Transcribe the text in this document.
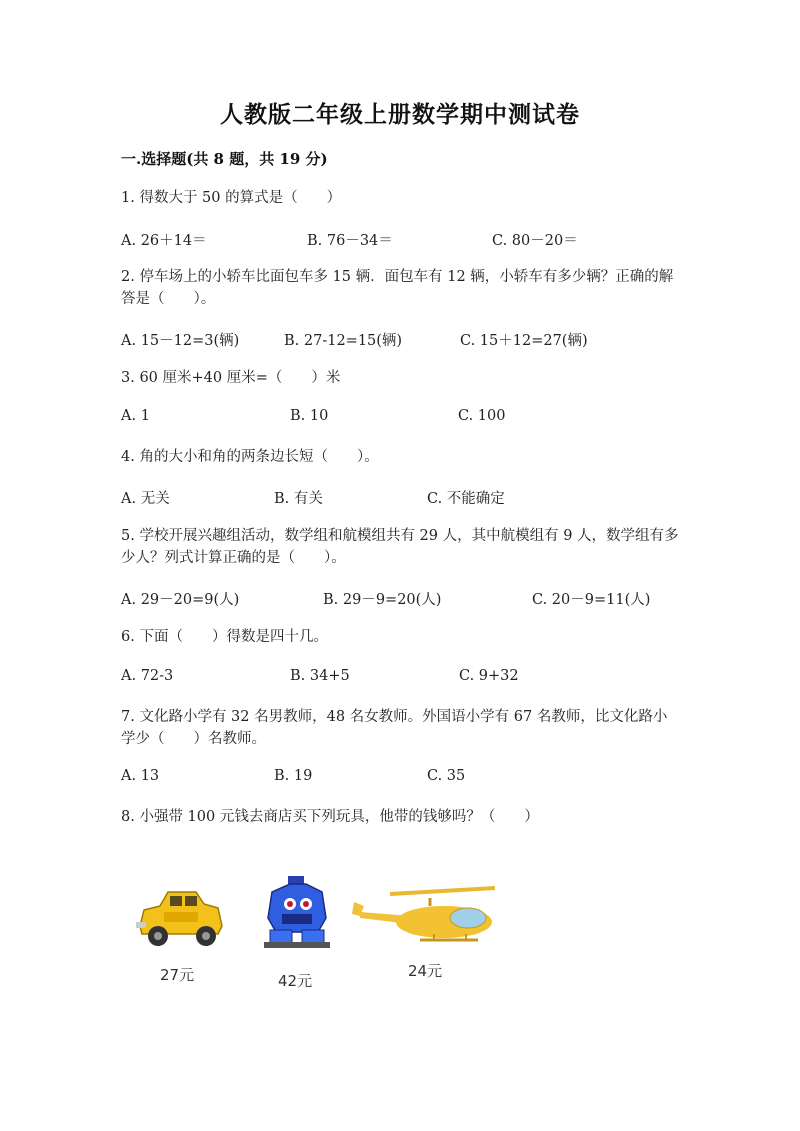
人教版二年级上册数学期中测试卷
一.选择题(共 8 题，共 19 分)
1. 得数大于 50 的算式是（　　）
A. 26＋14＝	B. 76－34＝	C. 80－20＝
2. 停车场上的小轿车比面包车多 15 辆．面包车有 12 辆，小轿车有多少辆？正确的解答是（　　）。
A. 15－12=3(辆)	B. 27-12=15(辆)	C. 15＋12=27(辆)
3. 60 厘米+40 厘米=（　　）米
A. 1	B. 10	C. 100
4. 角的大小和角的两条边长短（　　）。
A. 无关	B. 有关	C. 不能确定
5. 学校开展兴趣组活动，数学组和航模组共有 29 人，其中航模组有 9 人，数学组有多少人？列式计算正确的是（　　）。
A. 29－20=9(人)	B. 29－9=20(人)	C. 20－9=11(人)
6. 下面（　　）得数是四十几。
A. 72-3	B. 34+5	C. 9+32
7. 文化路小学有 32 名男教师，48 名女教师。外国语小学有 67 名教师，比文化路小学少（　　）名教师。
A. 13	B. 19	C. 35
8. 小强带 100 元钱去商店买下列玩具，他带的钱够吗？（　　）
27元	42元
24元
